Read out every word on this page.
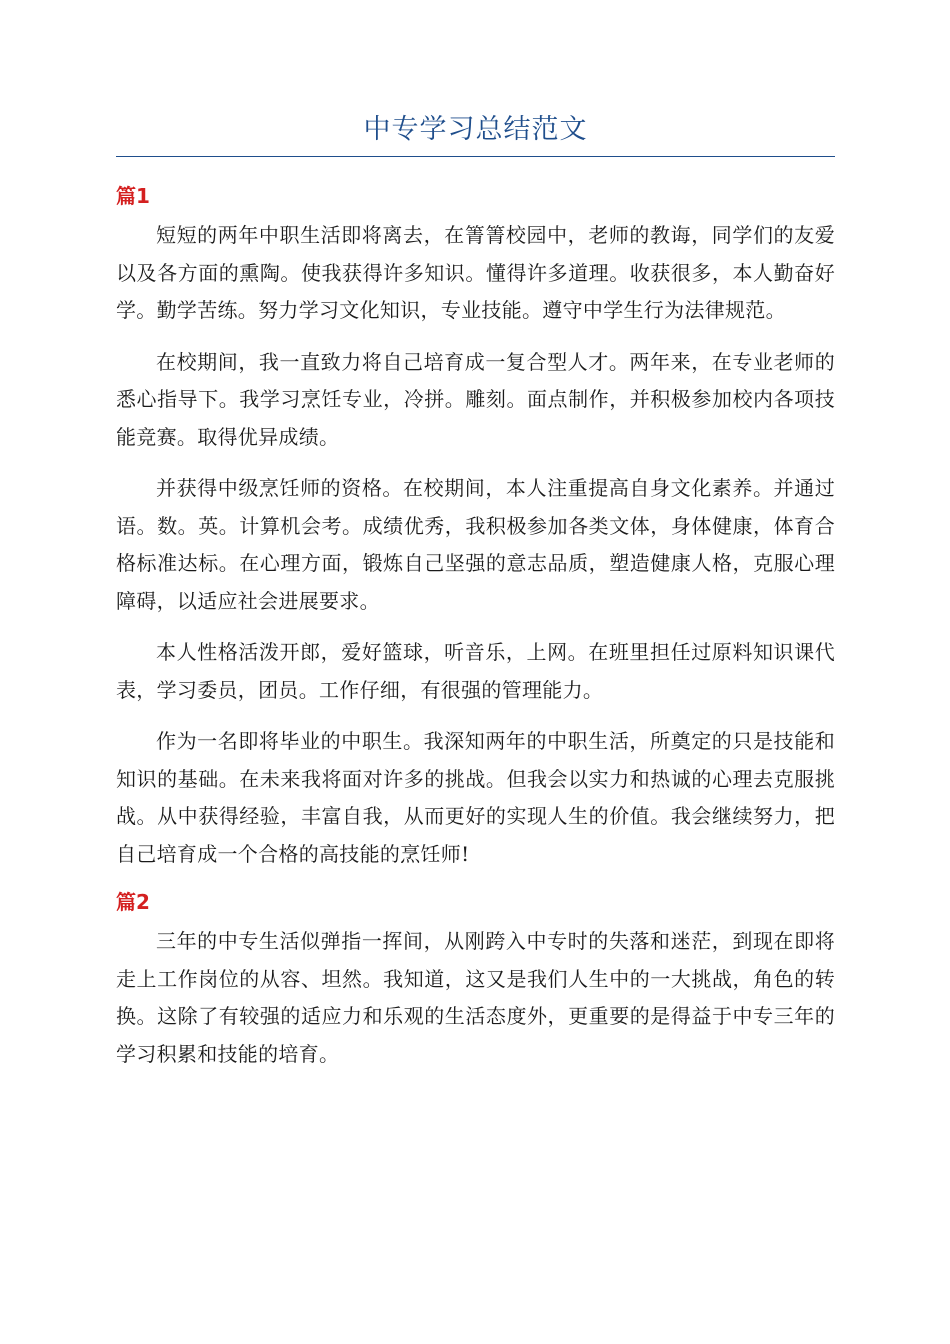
中专学习总结范文
篇1

短短的两年中职生活即将离去，在箐箐校园中，老师的教诲，同学们的友爱以及各方面的熏陶。使我获得许多知识。懂得许多道理。收获很多，本人勤奋好学。勤学苦练。努力学习文化知识，专业技能。遵守中学生行为法律规范。

在校期间，我一直致力将自己培育成一复合型人才。两年来，在专业老师的悉心指导下。我学习烹饪专业，冷拼。雕刻。面点制作，并积极参加校内各项技能竞赛。取得优异成绩。

并获得中级烹饪师的资格。在校期间，本人注重提高自身文化素养。并通过语。数。英。计算机会考。成绩优秀，我积极参加各类文体，身体健康，体育合格标准达标。在心理方面，锻炼自己坚强的意志品质，塑造健康人格，克服心理障碍，以适应社会进展要求。

本人性格活泼开郎，爱好篮球，听音乐，上网。在班里担任过原料知识课代表，学习委员，团员。工作仔细，有很强的管理能力。

作为一名即将毕业的中职生。我深知两年的中职生活，所奠定的只是技能和知识的基础。在未来我将面对许多的挑战。但我会以实力和热诚的心理去克服挑战。从中获得经验，丰富自我，从而更好的实现人生的价值。我会继续努力，把自己培育成一个合格的高技能的烹饪师!

篇2

三年的中专生活似弹指一挥间，从刚跨入中专时的失落和迷茫，到现在即将走上工作岗位的从容、坦然。我知道，这又是我们人生中的一大挑战，角色的转换。这除了有较强的适应力和乐观的生活态度外，更重要的是得益于中专三年的学习积累和技能的培育。
